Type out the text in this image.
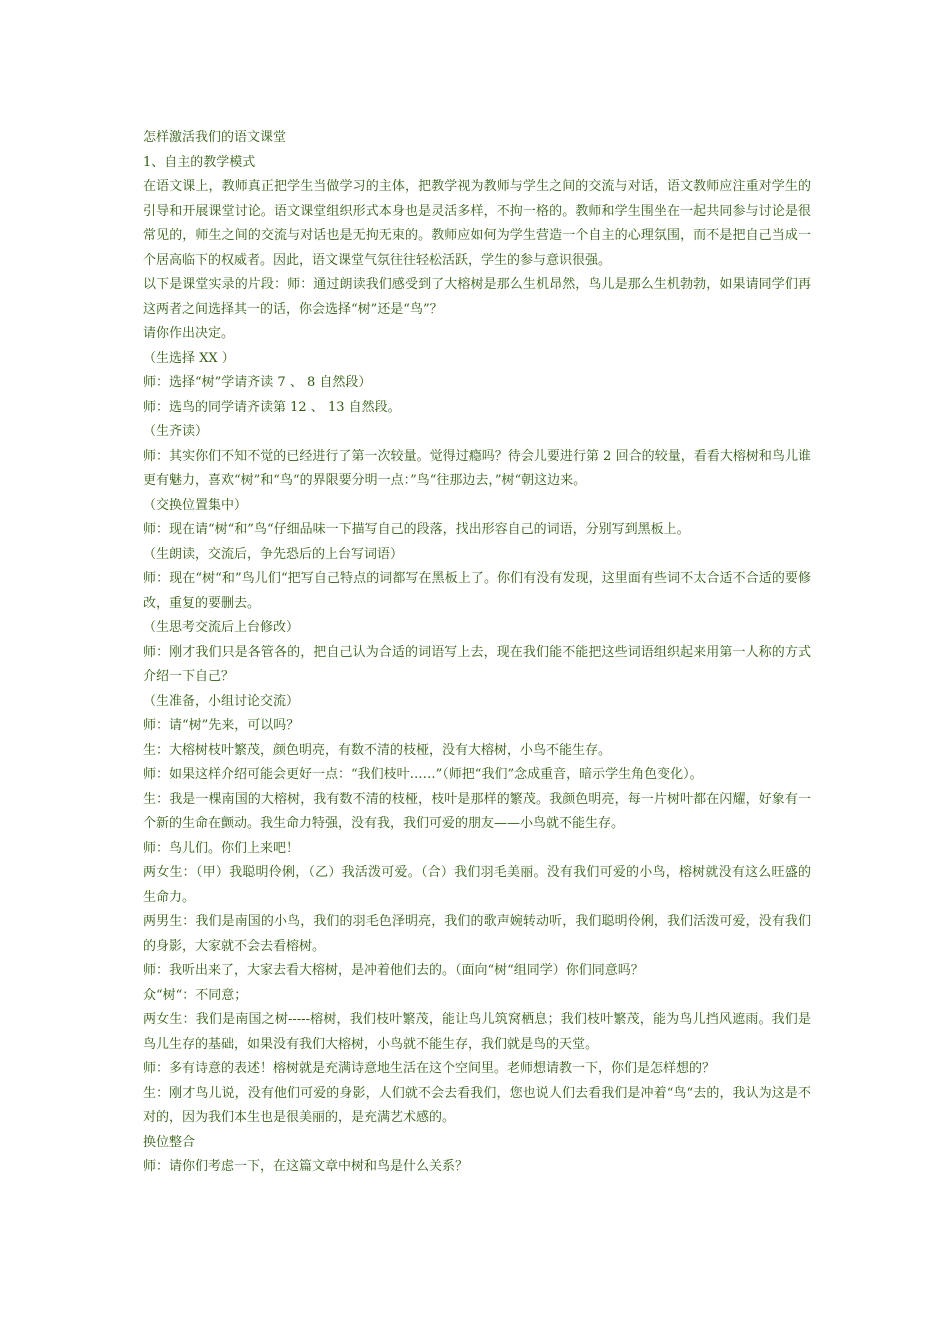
怎样激活我们的语文课堂

1、自主的教学模式

在语文课上，教师真正把学生当做学习的主体，把教学视为教师与学生之间的交流与对话，语文教师应注重对学生的引导和开展课堂讨论。语文课堂组织形式本身也是灵活多样，不拘一格的。教师和学生围坐在一起共同参与讨论是很常见的，师生之间的交流与对话也是无拘无束的。教师应如何为学生营造一个自主的心理氛围，而不是把自己当成一个居高临下的权威者。因此，语文课堂气氛往往轻松活跃，学生的参与意识很强。

以下是课堂实录的片段：师：通过朗读我们感受到了大榕树是那么生机昂然，鸟儿是那么生机勃勃，如果请同学们再这两者之间选择其一的话，你会选择“树”还是“鸟”？

请你作出决定。

（生选择 XX ）

师：选择“树”学请齐读 7 、 8 自然段）

师：选鸟的同学请齐读第 12 、 13 自然段。

（生齐读）

师：其实你们不知不觉的已经进行了第一次较量。觉得过瘾吗？待会儿要进行第 2 回合的较量，看看大榕树和鸟儿谁更有魅力，喜欢“树”和“鸟“的界限要分明一点：”鸟“往那边去，”树“朝这边来。

（交换位置集中）

师：现在请“树“和”鸟“仔细品味一下描写自己的段落，找出形容自己的词语，分别写到黑板上。

（生朗读，交流后，争先恐后的上台写词语）

师：现在“树“和”鸟儿们“把写自己特点的词都写在黑板上了。你们有没有发现，这里面有些词不太合适不合适的要修改，重复的要删去。

（生思考交流后上台修改）

师：刚才我们只是各管各的，把自己认为合适的词语写上去，现在我们能不能把这些词语组织起来用第一人称的方式介绍一下自己？

（生准备，小组讨论交流）

师：请“树”先来，可以吗？

生：大榕树枝叶繁茂，颜色明亮，有数不清的枝桠，没有大榕树，小鸟不能生存。

师：如果这样介绍可能会更好一点：“我们枝叶……”（师把“我们”念成重音，暗示学生角色变化）。

生：我是一棵南国的大榕树，我有数不清的枝桠，枝叶是那样的繁茂。我颜色明亮，每一片树叶都在闪耀，好象有一个新的生命在颤动。我生命力特强，没有我，我们可爱的朋友——小鸟就不能生存。

师：鸟儿们。你们上来吧！

两女生：（甲）我聪明伶俐，（乙）我活泼可爱。（合）我们羽毛美丽。没有我们可爱的小鸟，榕树就没有这么旺盛的生命力。

两男生：我们是南国的小鸟，我们的羽毛色泽明亮，我们的歌声婉转动听，我们聪明伶俐，我们活泼可爱，没有我们的身影，大家就不会去看榕树。

师：我听出来了，大家去看大榕树，是冲着他们去的。（面向“树“组同学）你们同意吗？

众“树“：不同意；

两女生：我们是南国之树-----榕树，我们枝叶繁茂，能让鸟儿筑窝栖息；我们枝叶繁茂，能为鸟儿挡风遮雨。我们是鸟儿生存的基础，如果没有我们大榕树，小鸟就不能生存，我们就是鸟的天堂。

师：多有诗意的表述！榕树就是充满诗意地生活在这个空间里。老师想请教一下，你们是怎样想的？

生：刚才鸟儿说，没有他们可爱的身影，人们就不会去看我们，您也说人们去看我们是冲着“鸟“去的，我认为这是不对的，因为我们本生也是很美丽的，是充满艺术感的。

换位整合

师：请你们考虑一下，在这篇文章中树和鸟是什么关系？
